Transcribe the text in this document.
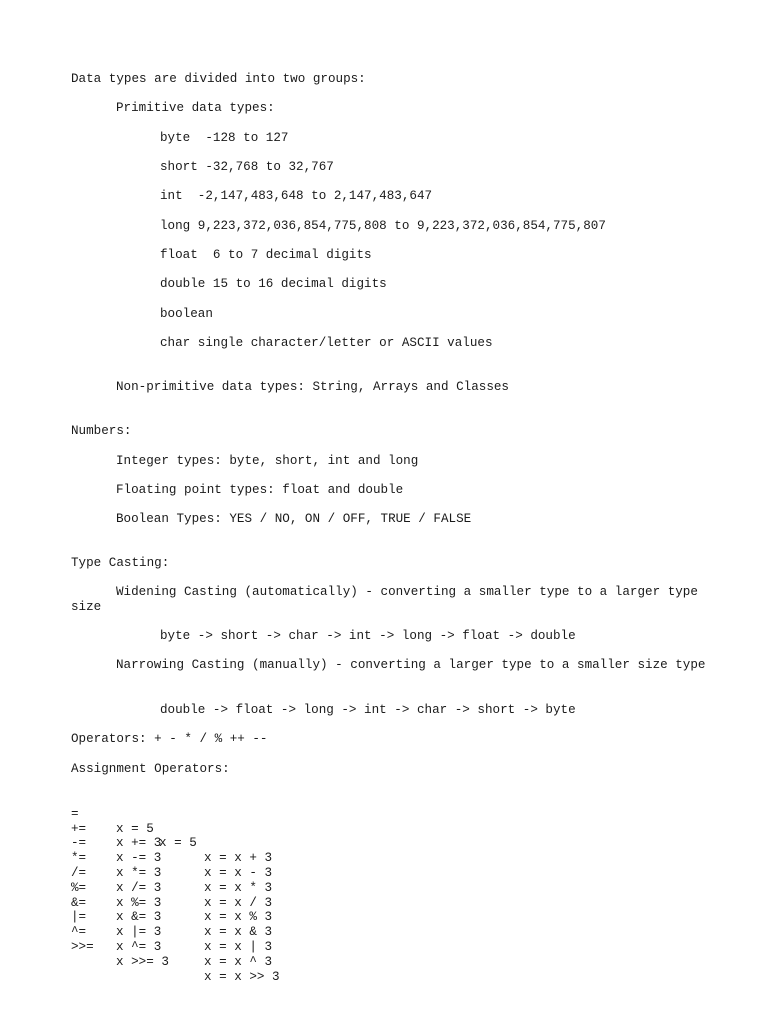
Data types are divided into two groups:

Primitive data types:

byte  -128 to 127

short -32,768 to 32,767

int  -2,147,483,648 to 2,147,483,647

long 9,223,372,036,854,775,808 to 9,223,372,036,854,775,807

float  6 to 7 decimal digits

double 15 to 16 decimal digits

boolean

char single character/letter or ASCII values

Non-primitive data types: String, Arrays and Classes

Numbers:

Integer types: byte, short, int and long

Floating point types: float and double

Boolean Types: YES / NO, ON / OFF, TRUE / FALSE

Type Casting:

Widening Casting (automatically) - converting a smaller type to a larger type size

byte -> short -> char -> int -> long -> float -> double

Narrowing Casting (manually) - converting a larger type to a smaller size type

double -> float -> long -> int -> char -> short -> byte

Operators: + - * / % ++ --

Assignment Operators:

=

x = 5

x = 5

+=

x += 3

x = x + 3

-=

x -= 3

x = x - 3

*=

x *= 3

x = x * 3

/=

x /= 3

x = x / 3

%=

x %= 3

x = x % 3

&=

x &= 3

x = x & 3

|=

x |= 3

x = x | 3

^=

x ^= 3

x = x ^ 3

>>=

x >>= 3

x = x >> 3
